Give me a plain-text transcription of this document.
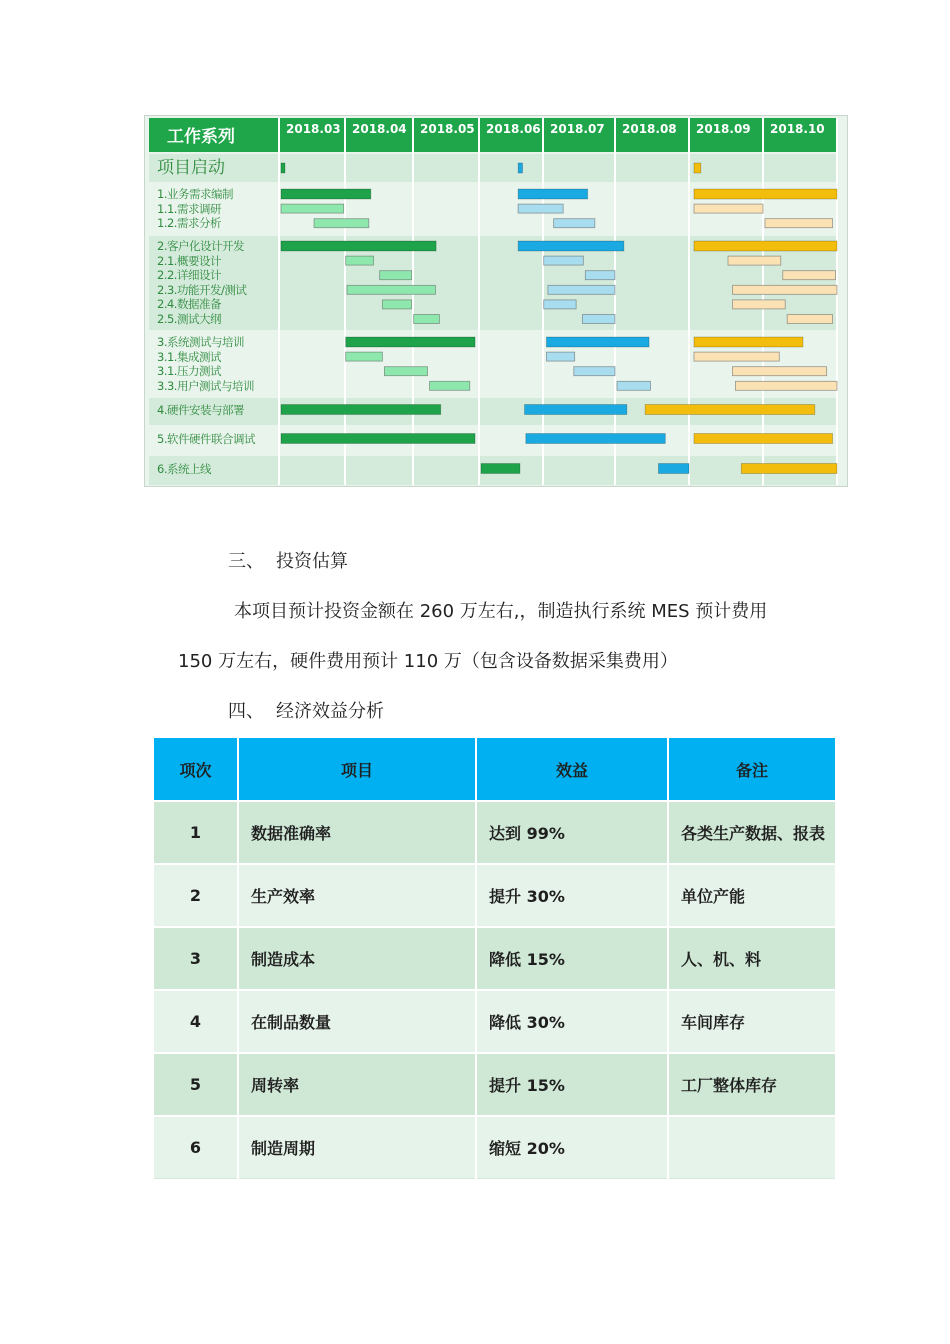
工作系列	2018.03 2018.04 2018.05 2018.06 2018.07 2018.08 2018.09 2018.10
项目启动
1.业务需求编制
1.1.需求调研
1.2.需求分析
2.客户化设计开发
2.1.概要设计
2.2.详细设计
2.3.功能开发/测试
2.4.数据准备
2.5.测试大纲
3.系统测试与培训
3.1.集成测试
3.1.压力测试
3.3.用户测试与培训
4.硬件安装与部署
5.软件硬件联合调试
6.系统上线
三、 投资估算
本项目预计投资金额在 260 万左右,，制造执行系统 MES 预计费用
150 万左右，硬件费用预计 110 万（包含设备数据采集费用）
四、 经济效益分析
项次	项目	效益	备注
1	数据准确率	达到 99%	各类生产数据、报表
2	生产效率	提升 30%	单位产能
3	制造成本	降低 15%	人、机、料
4	在制品数量	降低 30%	车间库存
5	周转率	提升 15%	工厂整体库存
6	制造周期	缩短 20%	
